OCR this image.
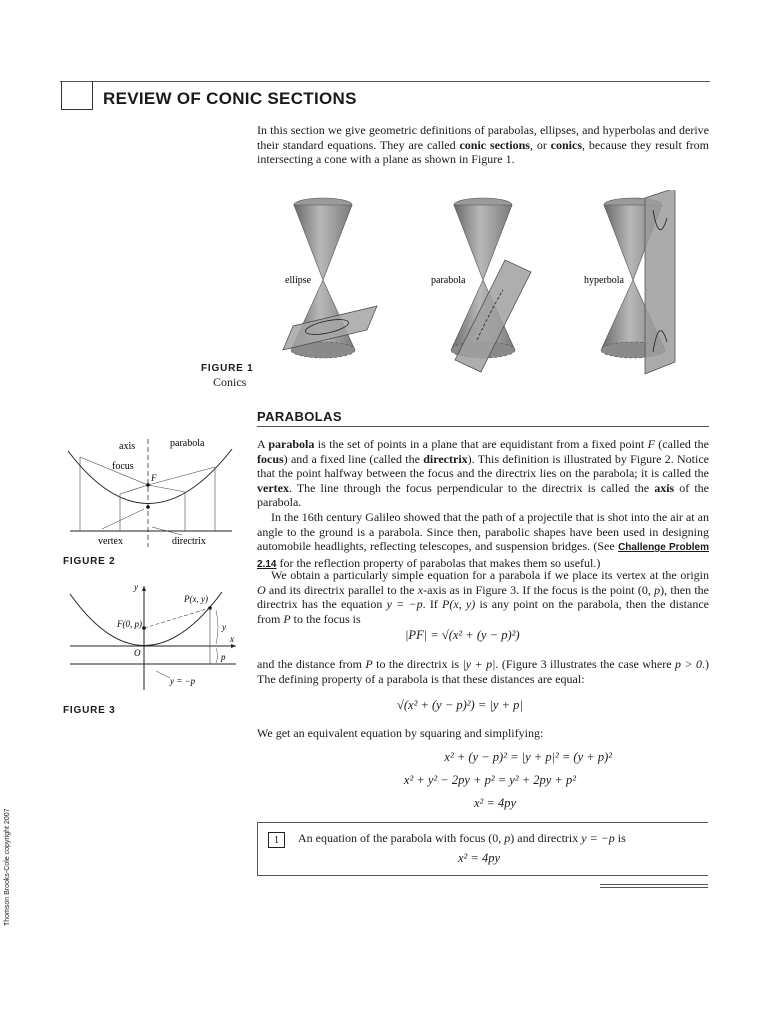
REVIEW OF CONIC SECTIONS
In this section we give geometric definitions of parabolas, ellipses, and hyperbolas and derive their standard equations. They are called conic sections, or conics, because they result from intersecting a cone with a plane as shown in Figure 1.
ellipse	parabola	hyperbola
FIGURE 1
Conics
PARABOLAS
A parabola is the set of points in a plane that are equidistant from a fixed point F (called the focus) and a fixed line (called the directrix). This definition is illustrated by Figure 2. Notice that the point halfway between the focus and the directrix lies on the parabola; it is called the vertex. The line through the focus perpendicular to the directrix is called the axis of the parabola.
In the 16th century Galileo showed that the path of a projectile that is shot into the air at an angle to the ground is a parabola. Since then, parabolic shapes have been used in designing automobile headlights, reflecting telescopes, and suspension bridges. (See Challenge Problem 2.14 for the reflection property of parabolas that makes them so useful.)
We obtain a particularly simple equation for a parabola if we place its vertex at the origin O and its directrix parallel to the x-axis as in Figure 3. If the focus is the point (0, p), then the directrix has the equation y = −p. If P(x, y) is any point on the parabola, then the distance from P to the focus is
|PF| = √(x² + (y − p)²)
and the distance from P to the directrix is |y + p|. (Figure 3 illustrates the case where p > 0.) The defining property of a parabola is that these distances are equal:
√(x² + (y − p)²) = |y + p|
We get an equivalent equation by squaring and simplifying:
x² + (y − p)² = |y + p|² = (y + p)²
x² + y² − 2py + p² = y² + 2py + p²
x² = 4py
1	An equation of the parabola with focus (0, p) and directrix y = −p is
x² = 4py
axis	parabola
focus
F
vertex	directrix
FIGURE 2
y
x
P(x, y)
F(0, p)
O
y
p
y = −p
FIGURE 3
Thomson Brooks-Cole copyright 2007
